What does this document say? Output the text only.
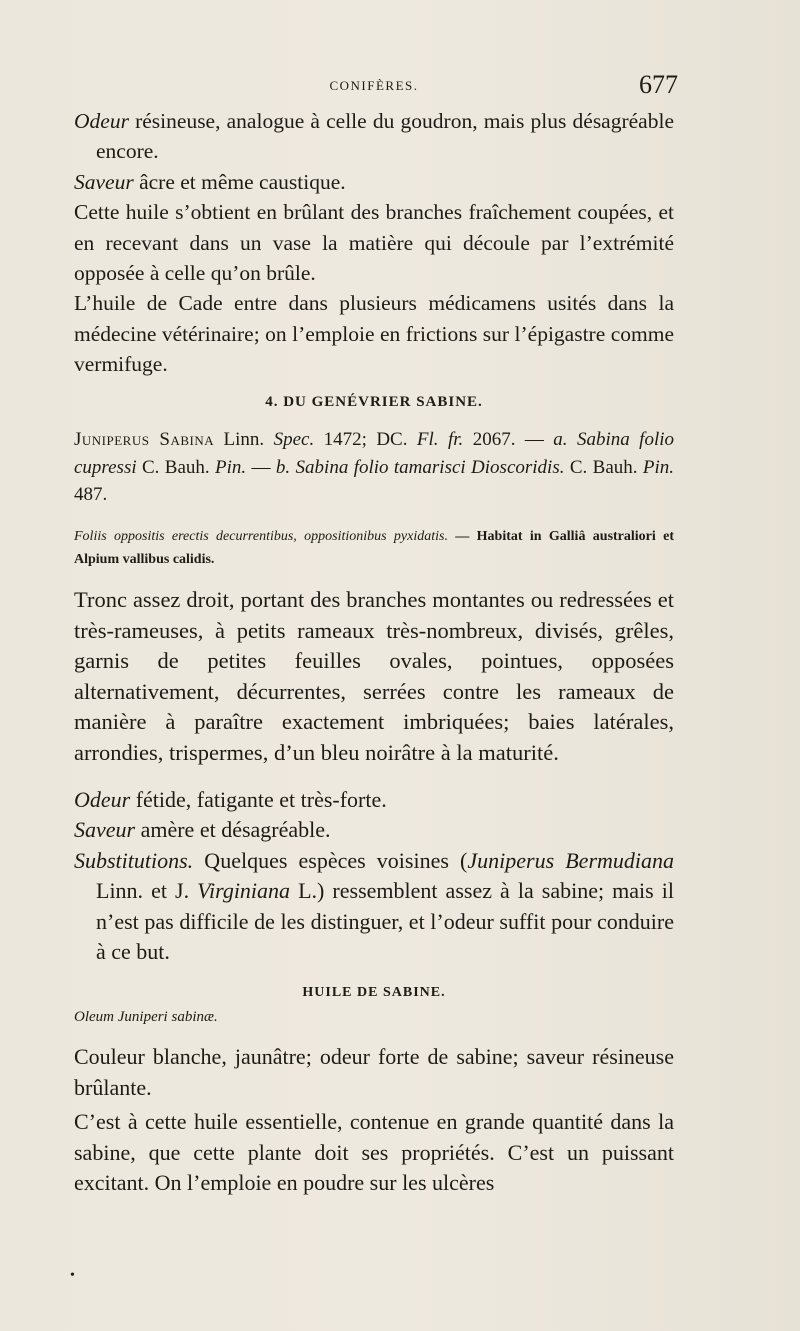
CONIFÈRES.	677

Odeur résineuse, analogue à celle du goudron, mais plus désagréable encore.

Saveur âcre et même caustique.

Cette huile s’obtient en brûlant des branches fraîchement coupées, et en recevant dans un vase la matière qui découle par l’extrémité opposée à celle qu’on brûle.

L’huile de Cade entre dans plusieurs médicamens usités dans la médecine vétérinaire; on l’emploie en frictions sur l’épigastre comme vermifuge.

4. DU GENÉVRIER SABINE.

Juniperus Sabina Linn. Spec. 1472; DC. Fl. fr. 2067. — a. Sabina folio cupressi C. Bauh. Pin. — b. Sabina folio tamarisci Dioscoridis. C. Bauh. Pin. 487.

Foliis oppositis erectis decurrentibus, oppositionibus pyxidatis. — Habitat in Galliâ australiori et Alpium vallibus calidis.

Tronc assez droit, portant des branches montantes ou redressées et très-rameuses, à petits rameaux très-nombreux, divisés, grêles, garnis de petites feuilles ovales, pointues, opposées alternativement, décurrentes, serrées contre les rameaux de manière à paraître exactement imbriquées; baies latérales, arrondies, trispermes, d’un bleu noirâtre à la maturité.

Odeur fétide, fatigante et très-forte.

Saveur amère et désagréable.

Substitutions. Quelques espèces voisines (Juniperus Bermudiana Linn. et J. Virginiana L.) ressemblent assez à la sabine; mais il n’est pas difficile de les distinguer, et l’odeur suffit pour conduire à ce but.

HUILE DE SABINE.

Oleum Juniperi sabinæ.

Couleur blanche, jaunâtre; odeur forte de sabine; saveur résineuse brûlante.

C’est à cette huile essentielle, contenue en grande quantité dans la sabine, que cette plante doit ses propriétés. C’est un puissant excitant. On l’emploie en poudre sur les ulcères

•
